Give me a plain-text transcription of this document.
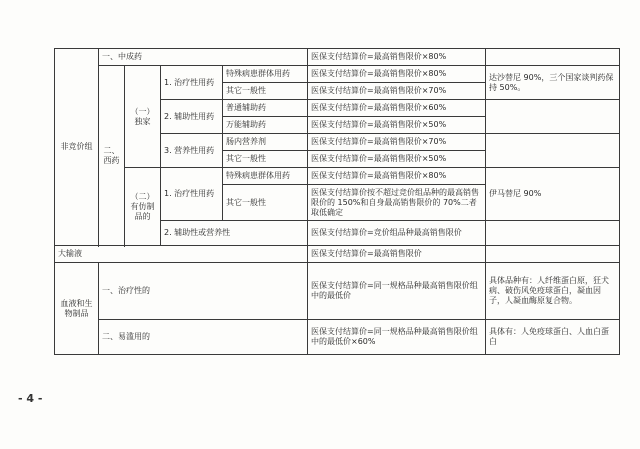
非竞价组	一、中成药				医保支付结算价=最高销售限价×80%	
	二、西药	（一）独家	1. 治疗性用药	特殊病患群体用药	医保支付结算价=最高销售限价×80%	达沙替尼 90%，三个国家谈判药保持 50%。
				其它一般性	医保支付结算价=最高销售限价×70%	
			2. 辅助性用药	普通辅助药	医保支付结算价=最高销售限价×60%	
				万能辅助药	医保支付结算价=最高销售限价×50%	
			3. 营养性用药	肠内营养剂	医保支付结算价=最高销售限价×70%	
				其它一般性	医保支付结算价=最高销售限价×50%	

		（二）有仿制品的	1. 治疗性用药	特殊病患群体用药	医保支付结算价=最高销售限价×80%	伊马替尼 90%
				其它一般性	医保支付结算价按不超过竞价组品种的最高销售限价的 150%和自身最高销售限价的 70%二者取低确定	
			2. 辅助性或营养性		医保支付结算价=竞价组品种最高销售限价	

大输液					医保支付结算价=最高销售限价	
血液和生物制品	一、治疗性的				医保支付结算价=同一规格品种最高销售限价组中的最低价	具体品种有：人纤维蛋白原，狂犬病、破伤风免疫球蛋白，凝血因子，人凝血酶原复合物。
	二、易滥用的				医保支付结算价=同一规格品种最高销售限价组中的最低价×60%	具体有：人免疫球蛋白、人血白蛋白
- 4 -
